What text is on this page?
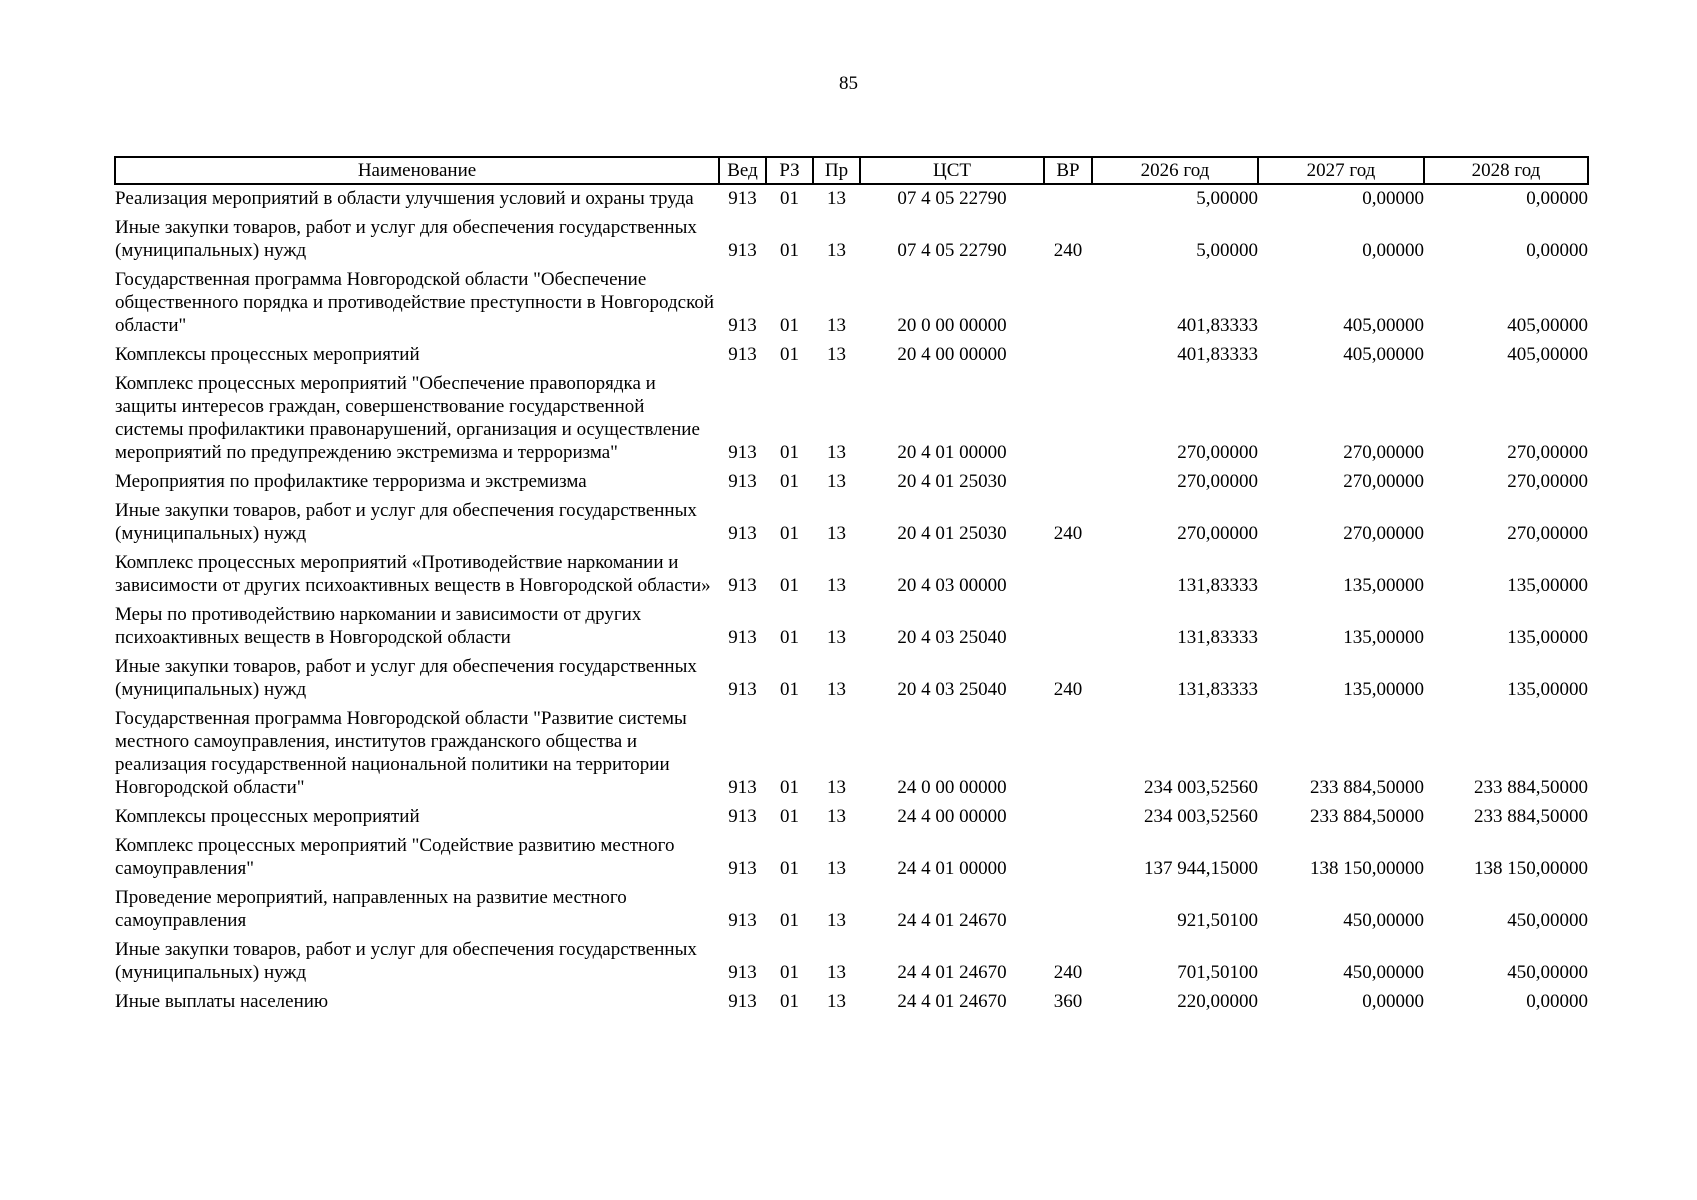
85
Наименование	Вед	РЗ	Пр	ЦСТ	ВР	2026 год	2027 год	2028 год
Реализация мероприятий в области улучшения условий и охраны труда	913	01	13	07 4 05 22790		5,00000	0,00000	0,00000
Иные закупки товаров, работ и услуг для обеспечения государственных (муниципальных) нужд	913	01	13	07 4 05 22790	240	5,00000	0,00000	0,00000
Государственная программа Новгородской области "Обеспечение общественного порядка и противодействие преступности в Новгородской области"	913	01	13	20 0 00 00000		401,83333	405,00000	405,00000
Комплексы процессных мероприятий	913	01	13	20 4 00 00000		401,83333	405,00000	405,00000
Комплекс процессных мероприятий "Обеспечение правопорядка и защиты интересов граждан, совершенствование государственной системы профилактики правонарушений, организация и осуществление мероприятий по предупреждению экстремизма и терроризма"	913	01	13	20 4 01 00000		270,00000	270,00000	270,00000
Мероприятия по профилактике терроризма и экстремизма	913	01	13	20 4 01 25030		270,00000	270,00000	270,00000
Иные закупки товаров, работ и услуг для обеспечения государственных (муниципальных) нужд	913	01	13	20 4 01 25030	240	270,00000	270,00000	270,00000
Комплекс процессных мероприятий «Противодействие наркомании и зависимости от других психоактивных веществ в Новгородской области»	913	01	13	20 4 03 00000		131,83333	135,00000	135,00000
Меры по противодействию наркомании и зависимости от других психоактивных веществ в Новгородской области	913	01	13	20 4 03 25040		131,83333	135,00000	135,00000
Иные закупки товаров, работ и услуг для обеспечения государственных (муниципальных) нужд	913	01	13	20 4 03 25040	240	131,83333	135,00000	135,00000
Государственная программа Новгородской области "Развитие системы местного самоуправления, институтов гражданского общества и реализация государственной национальной политики на территории Новгородской области"	913	01	13	24 0 00 00000		234 003,52560	233 884,50000	233 884,50000
Комплексы процессных мероприятий	913	01	13	24 4 00 00000		234 003,52560	233 884,50000	233 884,50000
Комплекс процессных мероприятий "Содействие развитию местного самоуправления"	913	01	13	24 4 01 00000		137 944,15000	138 150,00000	138 150,00000
Проведение мероприятий, направленных на развитие местного самоуправления	913	01	13	24 4 01 24670		921,50100	450,00000	450,00000
Иные закупки товаров, работ и услуг для обеспечения государственных (муниципальных) нужд	913	01	13	24 4 01 24670	240	701,50100	450,00000	450,00000
Иные выплаты населению	913	01	13	24 4 01 24670	360	220,00000	0,00000	0,00000
